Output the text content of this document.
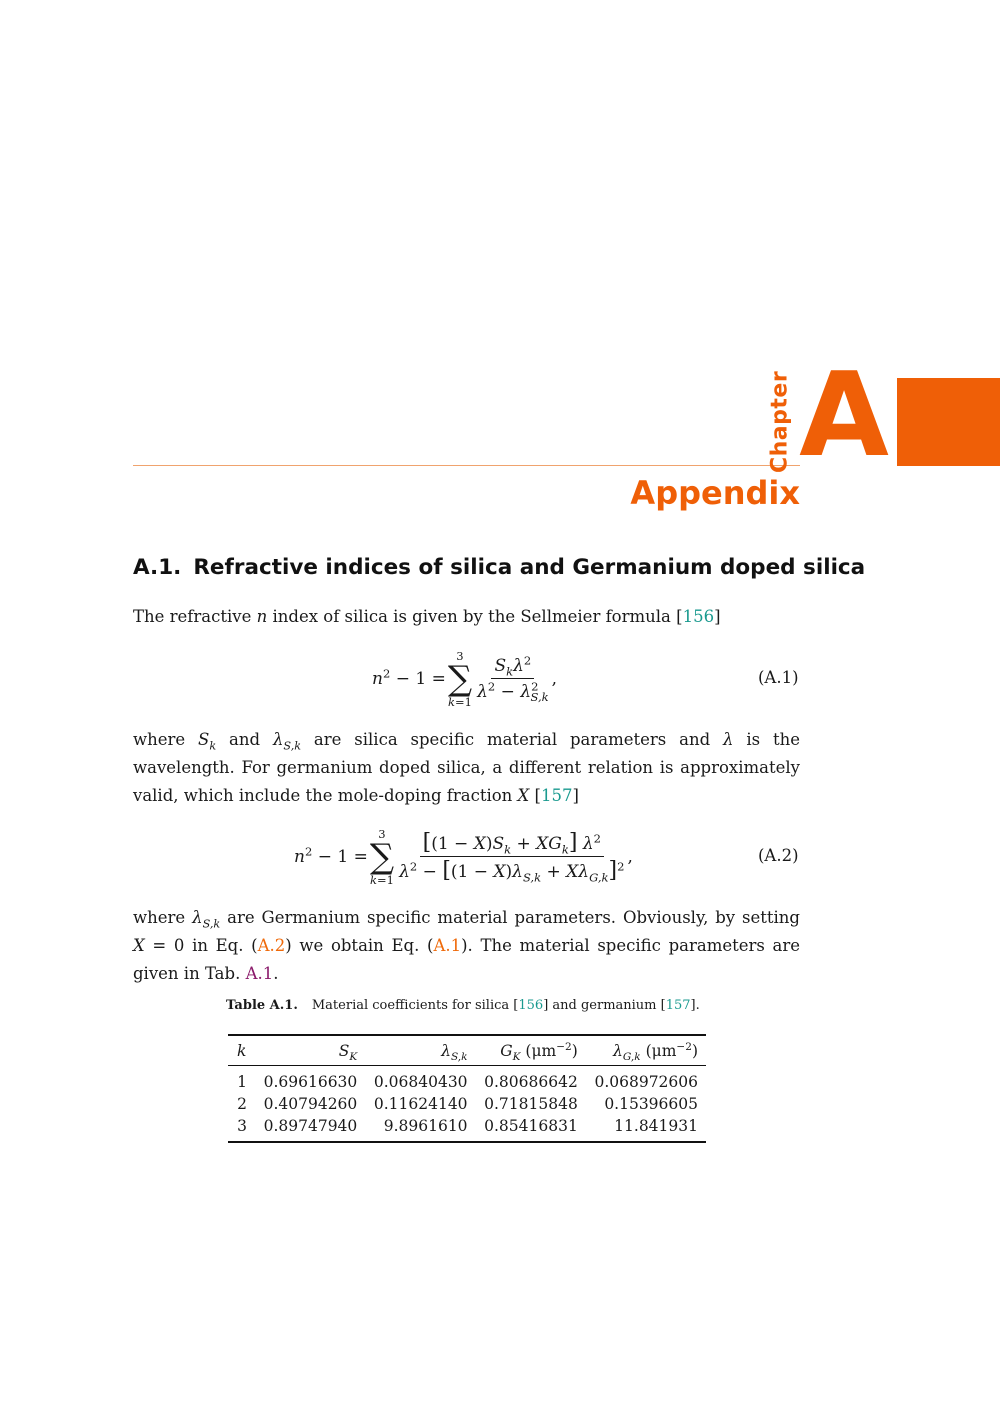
Chapter A
Appendix
A.1. Refractive indices of silica and Germanium doped silica
The refractive n index of silica is given by the Sellmeier formula [156]
$n^2 - 1$ =
3
∑
$k=1 \frac{S_k\lambda^2}{\lambda^2 - \lambda^2_{S,k}}$ ,	(A.1)
where $S_k$ and $\lambda_{S,k}$ are silica specific material parameters and λ is the wavelength. For germanium doped silica, a different relation is approximately valid, which include the mole-doping fraction X [157]
$n^2 - 1$ =
3
∑
$k=1 \frac{[(1 - X)S_k + XG_k] \lambda^2}{\lambda^2 - [(1 - X)\lambda_{S,k} + X\lambda_{G,k}]^2}$ ,	(A.2)
where $\lambda_{S,k}$ are Germanium specific material parameters. Obviously, by setting X = 0 in Eq. (A.2) we obtain Eq. (A.1). The material specific parameters are given in Tab. A.1.
Table A.1. Material coefficients for silica [156] and germanium [157].
k	$S_K$	$\lambda_{S,k}$	$G_K$ $(\mu m^{-2})$	$\lambda_{G,k}$ $(\mu m^{-2})$
1	0.69616630	0.06840430	0.80686642	0.068972606
2	0.40794260	0.11624140	0.71815848	0.15396605
3	0.89747940	9.8961610	0.85416831	11.841931
